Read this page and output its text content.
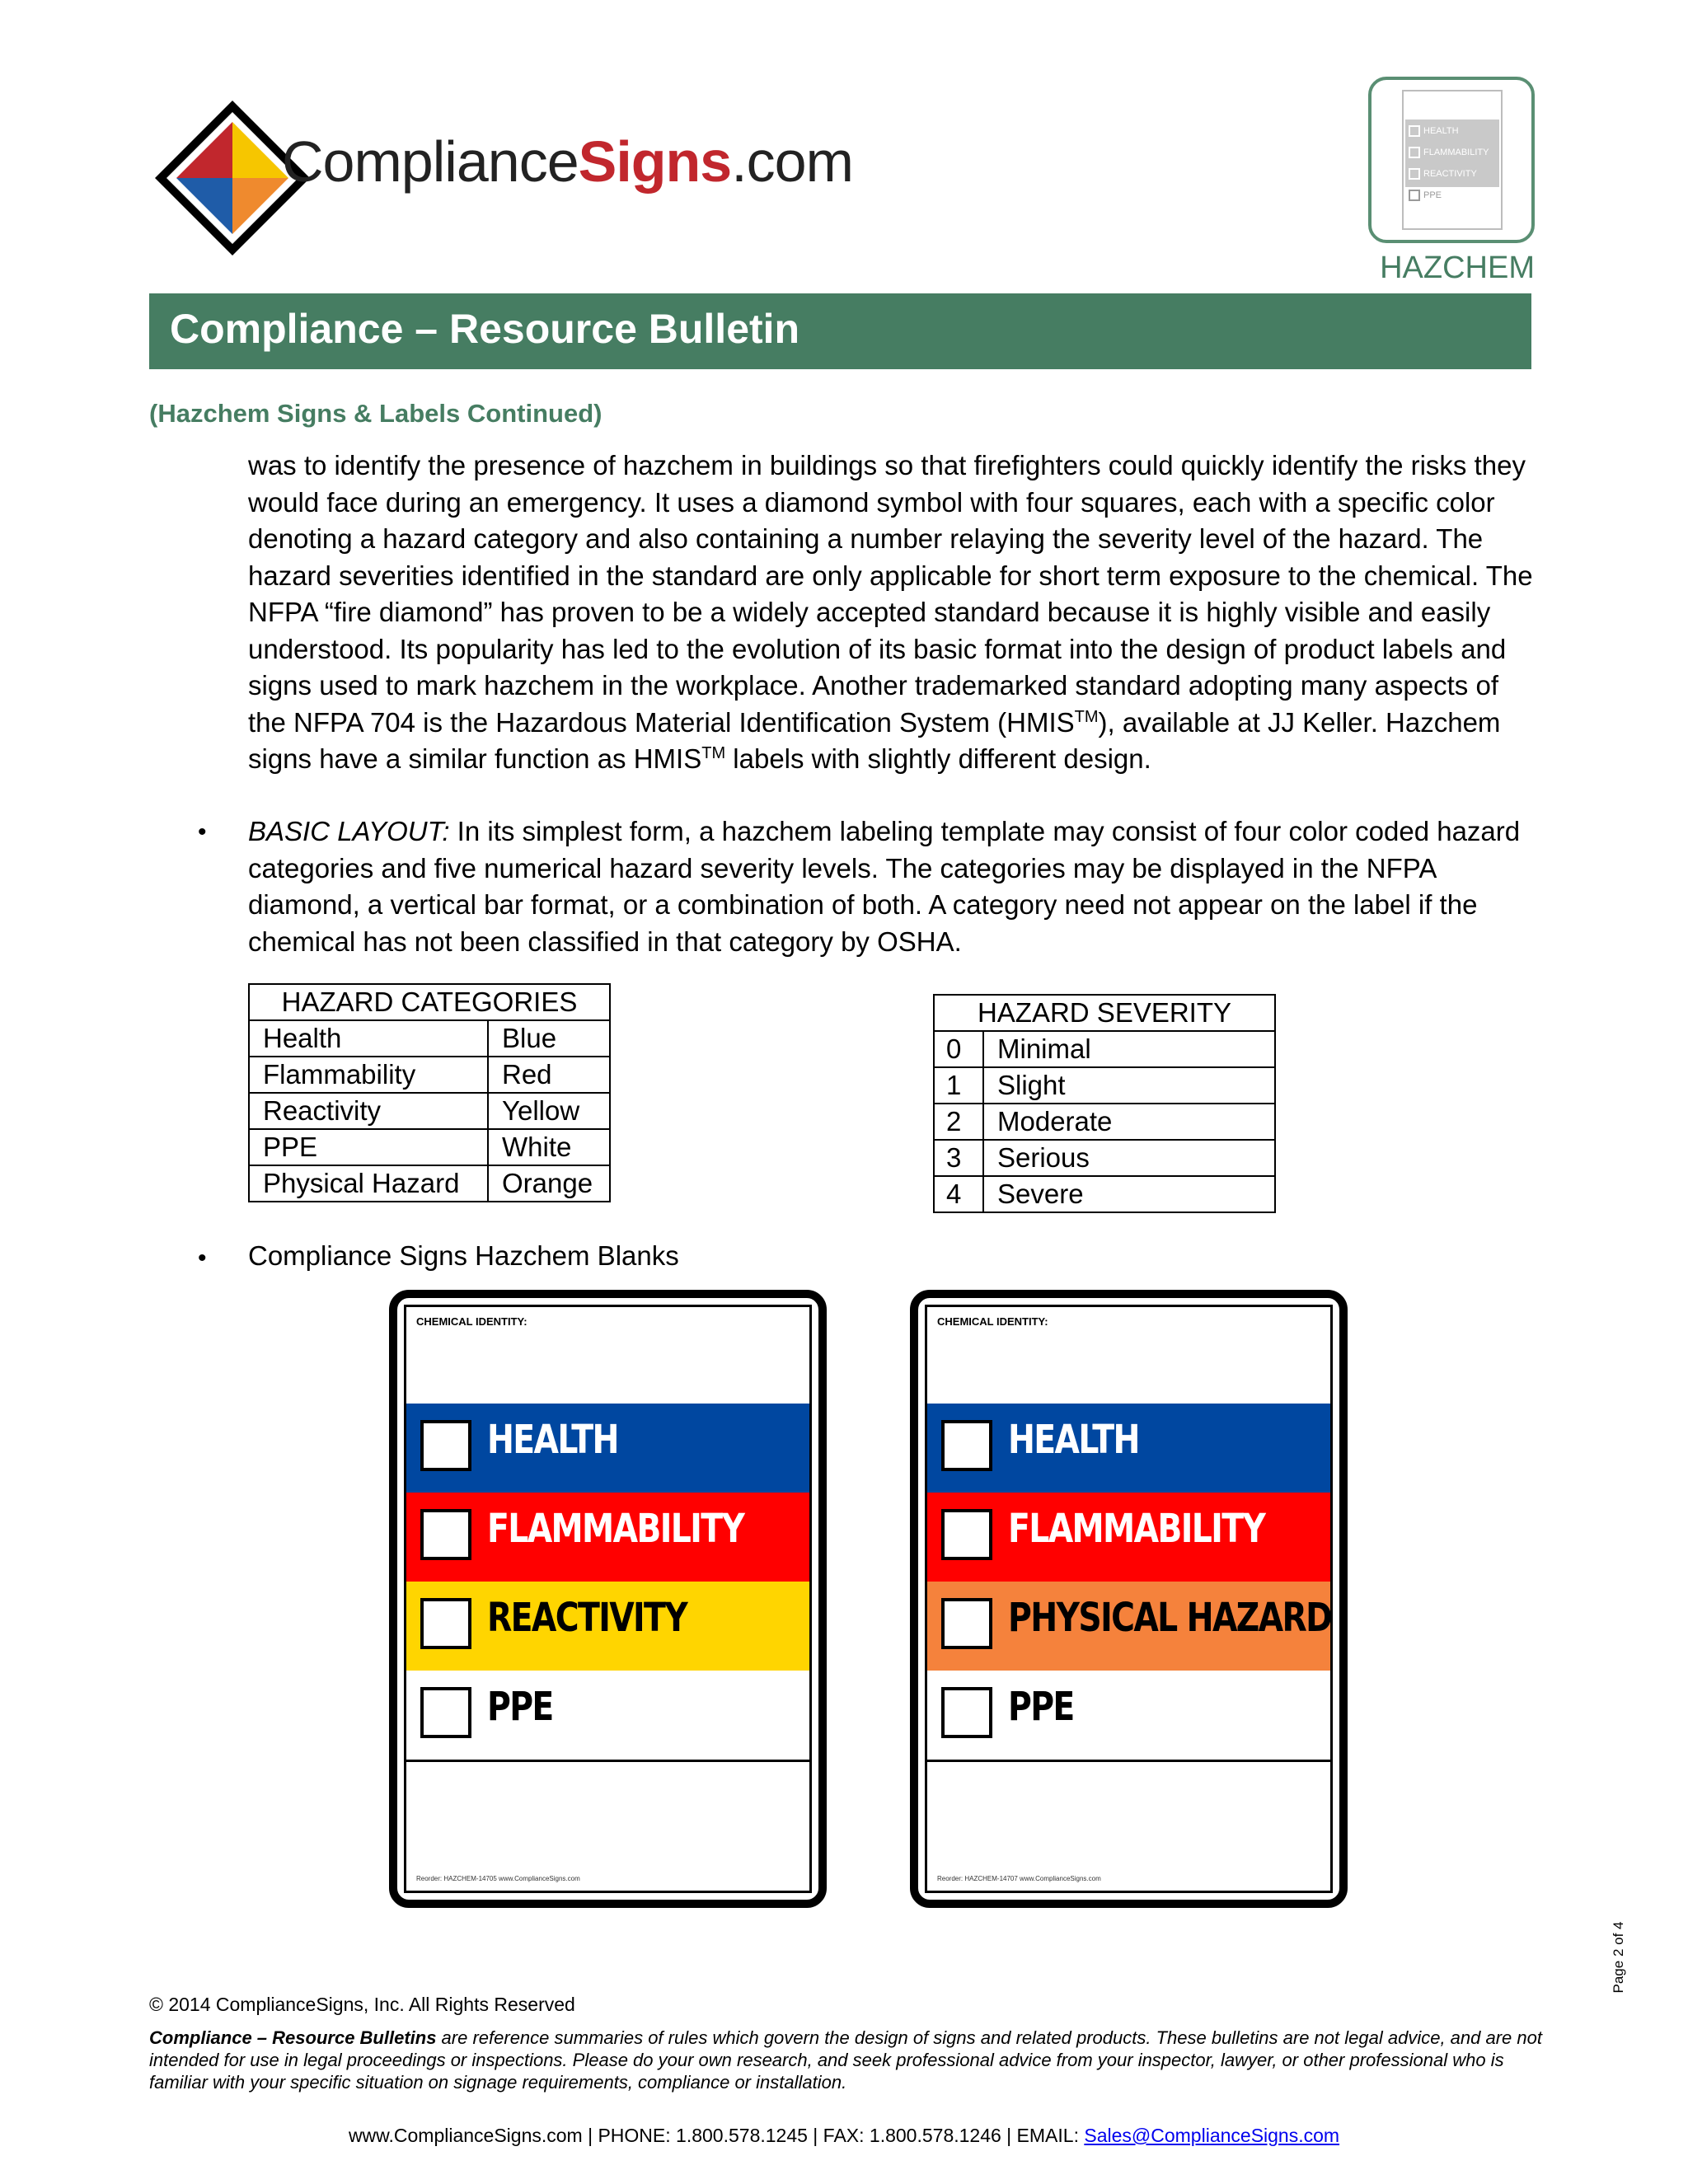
ComplianceSigns.com	HEALTH
FLAMMABILITY
REACTIVITY
PPE
HAZCHEM
Compliance – Resource Bulletin
(Hazchem Signs & Labels Continued)
was to identify the presence of hazchem in buildings so that firefighters could quickly identify the risks they would face during an emergency. It uses a diamond symbol with four squares, each with a specific color denoting a hazard category and also containing a number relaying the severity level of the hazard. The hazard severities identified in the standard are only applicable for short term exposure to the chemical. The NFPA “fire diamond” has proven to be a widely accepted standard because it is highly visible and easily understood. Its popularity has led to the evolution of its basic format into the design of product labels and signs used to mark hazchem in the workplace. Another trademarked standard adopting many aspects of the NFPA 704 is the Hazardous Material Identification System (HMIS™), available at JJ Keller. Hazchem signs have a similar function as HMIS™ labels with slightly different design.
• BASIC LAYOUT: In its simplest form, a hazchem labeling template may consist of four color coded hazard categories and five numerical hazard severity levels. The categories may be displayed in the NFPA diamond, a vertical bar format, or a combination of both. A category need not appear on the label if the chemical has not been classified in that category by OSHA.
HAZARD CATEGORIES	
Health	Blue
Flammability	Red
Reactivity	Yellow
PPE	White
Physical Hazard	Orange
HAZARD SEVERITY	
0	Minimal
1	Slight
2	Moderate
3	Serious
4	Severe
• Compliance Signs Hazchem Blanks
CHEMICAL IDENTITY:
HEALTH
FLAMMABILITY
REACTIVITY
PPE
Reorder: HAZCHEM-14705 www.ComplianceSigns.com
CHEMICAL IDENTITY:
HEALTH
FLAMMABILITY
PHYSICAL HAZARD
PPE
Reorder: HAZCHEM-14707 www.ComplianceSigns.com
Page 2 of 4
© 2014 ComplianceSigns, Inc. All Rights Reserved
Compliance – Resource Bulletins are reference summaries of rules which govern the design of signs and related products. These bulletins are not legal advice, and are not intended for use in legal proceedings or inspections. Please do your own research, and seek professional advice from your inspector, lawyer, or other professional who is familiar with your specific situation on signage requirements, compliance or installation.
www.ComplianceSigns.com | PHONE: 1.800.578.1245 | FAX: 1.800.578.1246 | EMAIL: Sales@ComplianceSigns.com
